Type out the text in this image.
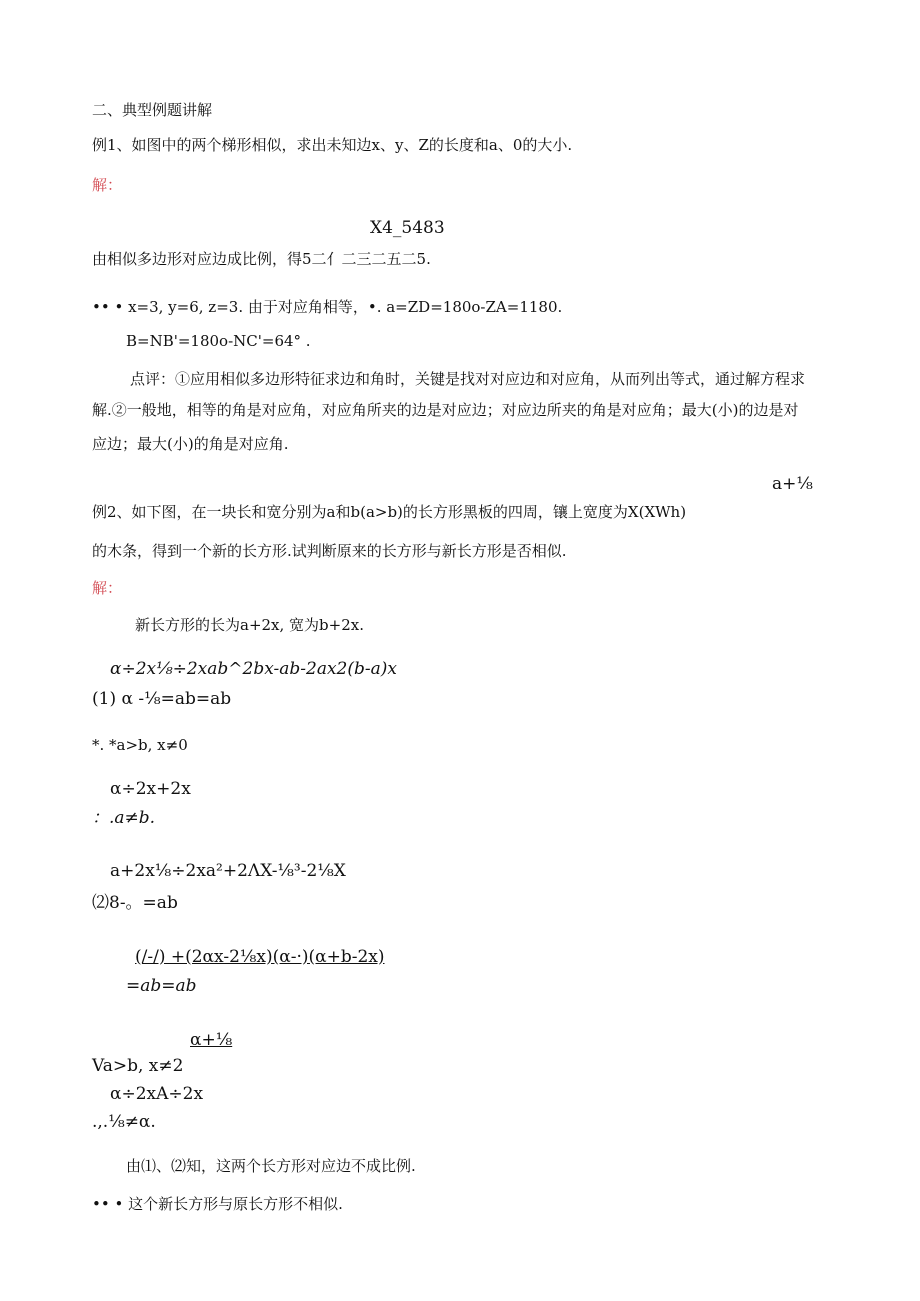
二、典型例题讲解
例1、如图中的两个梯形相似，求出未知边x、y、Z的长度和a、0的大小.
解：
X4_5483
由相似多边形对应边成比例，得5二亻二三二五二5.
•• • x=3, y=6, z=3. 由于对应角相等，•. a=ZD=180o-ZA=1180.
B=NB'=180o-NC'=64° .
点评：①应用相似多边形特征求边和角时，关键是找对对应边和对应角，从而列出等式，通过解方程求
解.②一般地，相等的角是对应角，对应角所夹的边是对应边；对应边所夹的角是对应角；最大(小)的边是对
应边；最大(小)的角是对应角.
a+⅛
例2、如下图，在一块长和宽分别为a和b(a>b)的长方形黑板的四周，镶上宽度为X(XWh)
的木条，得到一个新的长方形.试判断原来的长方形与新长方形是否相似.
解：
新长方形的长为a+2x, 宽为b+2x.
α÷2x⅛÷2xab^2bx-ab-2ax2(b-a)x
(1) α -⅛=ab=ab
*. *a>b, x≠0
α÷2x+2x
：.a≠b.
a+2x⅛÷2xa²+2ΛX-⅛³-2⅛X
⑵8-。=ab
(/-/) +(2αx-2⅛x)(α-·)(α+b-2x)
=ab=ab
α+⅛
Va>b, x≠2
α÷2xA÷2x
.,.⅛≠α.
由⑴、⑵知，这两个长方形对应边不成比例.
•• • 这个新长方形与原长方形不相似.
